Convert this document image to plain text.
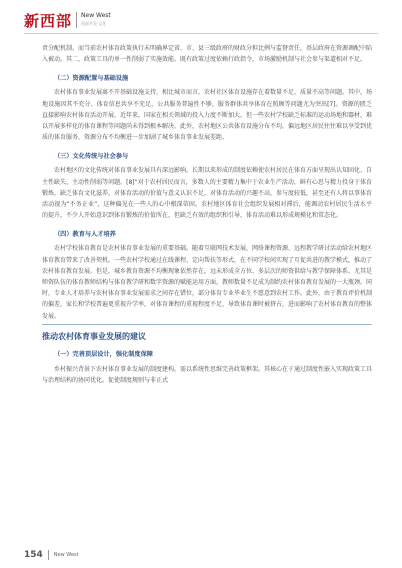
新西部 New West
西部开发·文化

责分配机制。而当前农村体育政策执行未明确界定省、市、县三级政府的财政分担比例与监督责任，基层政府在资源调配中陷入被动。其二，政策工具的单一性削弱了实施效能。既有政策过度依赖行政指令，市场激励机制与社会参与渠道相对不足。

（二）资源配置与基础设施

农村体育事业发展离不开基础设施支持，相比城市而言，农村社区体育设施存在着数量不足、质量不高等问题。其中，场地设施因其不充分、体育信息共享不充足，公共服务普遍性不够，服务群体共享体育在照顾等问题尤为突出[7]。资源的匮乏直接影响农村体育活动开展，近年来，国家在相关领域的投入力度不断加大，但一些农村学校缺乏标准的运动场地和器材，难以开展多样化的体育课程等问题尚未得到根本解决。此外，农村地区公共体育设施分布不均，偏远地区居民往往难以享受到优质的体育服务，资源分布不均衡进一步加剧了城乡体育事业发展差距。

（三）文化传统与社会参与

农村地区的文化传统对体育事业发展具有深远影响。长期以来形成的制度依赖使农村居民在体育方面呈现出认知固化、自主性缺失、主动性削弱等问题。[8]“对于农村居民而言，多数人的主要精力集中于农业生产活动，鲜有心思与精力投身于体育锻炼，缺乏体育文化滋养，对体育活动的价值与意义认识不足，对体育活动的兴趣不高，参与度较低，甚至还有人将以事体育活动视为“不务正业”，这种偏见在一些人的心中根深蒂固。农村地区体育社会组织发展相对滞后，能调动农村居民生活水平的提升，不少人开始意识到体育锻炼的价值所在，但缺乏有效的组织和引导，体育活动难以形成规模化和常态化。

（四）教育与人才培养

农村学校体育教育是农村体育事业发展的重要基础。随着互联网技术发展，网络课程资源、远程教学研讨活动给农村地区体育教育带来了改善契机。一些农村学校通过在线课程、定向帮扶等形式，在不同学校间实现了互促共进的教学模式，推动了农村体育教育发展。但是，城乡教育资源不均衡现象依然存在，远未形成全方位、多层次的师资供给与教学保障体系。尤其是师资队伍的体育教师结构与体育教学研和数字资源的赋能运用方面，教师数量不足成为制约农村体育教育发展的一大瓶颈。同时，专业人才培养与农村体育事业发展需求之间存在错位，部分体育专业毕业生不愿意到农村工作。此外，由于教育评价机制的偏差，家长和学校普遍更重视升学率，对体育课程的重视程度不足，导致体育课时被挤占，进而影响了农村体育教育的整体发展。

推动农村体育事业发展的建议
（一）完善顶层设计，强化制度保障

乡村振兴背景下农村体育事业发展的制度建构，需以系统性思维完善政策框架。其核心在于通过制度性嵌入实现政策工具与治理结构的协同优化。促使制度规则与非正式

154 New West
